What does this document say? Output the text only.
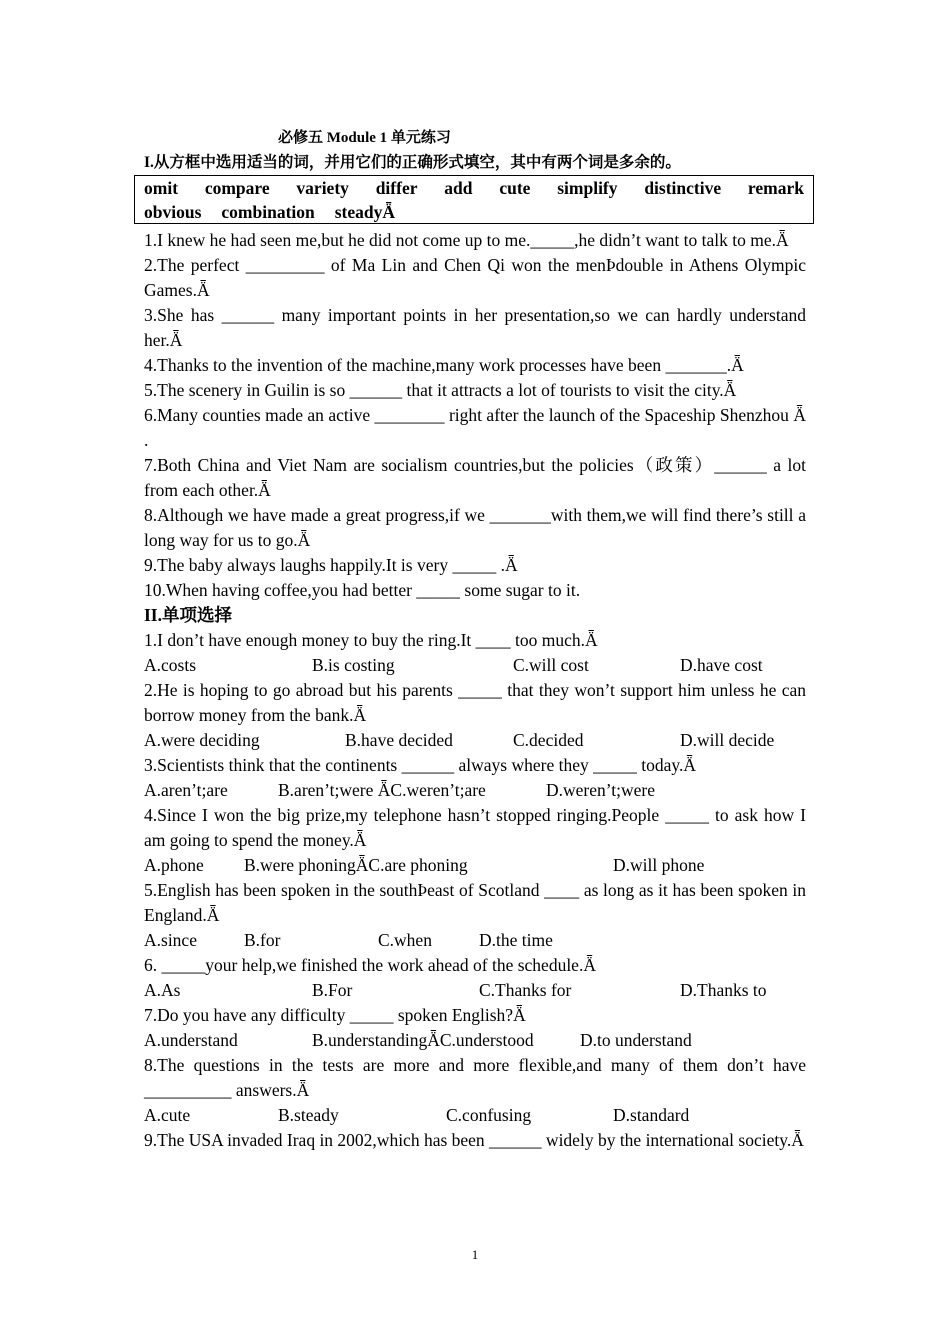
必修五 Module 1 单元练习
I.从方框中选用适当的词，并用它们的正确形式填空，其中有两个词是多余的。
omit compare variety differ add cute simplify distinctive remark
obvious combination steadyǞ

1.I knew he had seen me,but he did not come up to me._____,he didn’t want to talk to me.Ǟ

2.The perfect _________ of Ma Lin and Chen Qi won the menÞdouble in Athens Olympic Games.Ǟ

3.She has ______ many important points in her presentation,so we can hardly understand her.Ǟ

4.Thanks to the invention of the machine,many work processes have been _______.Ǟ

5.The scenery in Guilin is so ______ that it attracts a lot of tourists to visit the city.Ǟ

6.Many counties made an active ________ right after the launch of the Spaceship Shenzhou Ǟ .

7.Both China and Viet Nam are socialism countries,but the policies（政策）______ a lot from each other.Ǟ

8.Although we have made a great progress,if we _______with them,we will find there’s still a long way for us to go.Ǟ

9.The baby always laughs happily.It is very _____ .Ǟ

10.When having coffee,you had better _____ some sugar to it.

II.单项选择

1.I don’t have enough money to buy the ring.It ____ too much.Ǟ

A.costs	B.is costing	C.will cost	D.have cost

2.He is hoping to go abroad but his parents _____ that they won’t support him unless he can borrow money from the bank.Ǟ

A.were deciding	B.have decided	C.decided	D.will decide

3.Scientists think that the continents ______ always where they _____ today.Ǟ

A.aren’t;are	B.aren’t;were ǞC.weren’t;are	D.weren’t;were

4.Since I won the big prize,my telephone hasn’t stopped ringing.People _____ to ask how I am going to spend the money.Ǟ

A.phone B.were phoningǞC.are phoning	D.will phone

5.English has been spoken in the southÞeast of Scotland ____ as long as it has been spoken in England.Ǟ

A.since	B.for	C.when	D.the time

6. _____your help,we finished the work ahead of the schedule.Ǟ

A.As	B.For	C.Thanks for	D.Thanks to

7.Do you have any difficulty _____ spoken English?Ǟ

A.understand	B.understandingǞC.understood	D.to understand

8.The questions in the tests are more and more flexible,and many of them don’t have __________ answers.Ǟ

A.cute	B.steady	C.confusing	D.standard

9.The USA invaded Iraq in 2002,which has been ______ widely by the international society.Ǟ

1
